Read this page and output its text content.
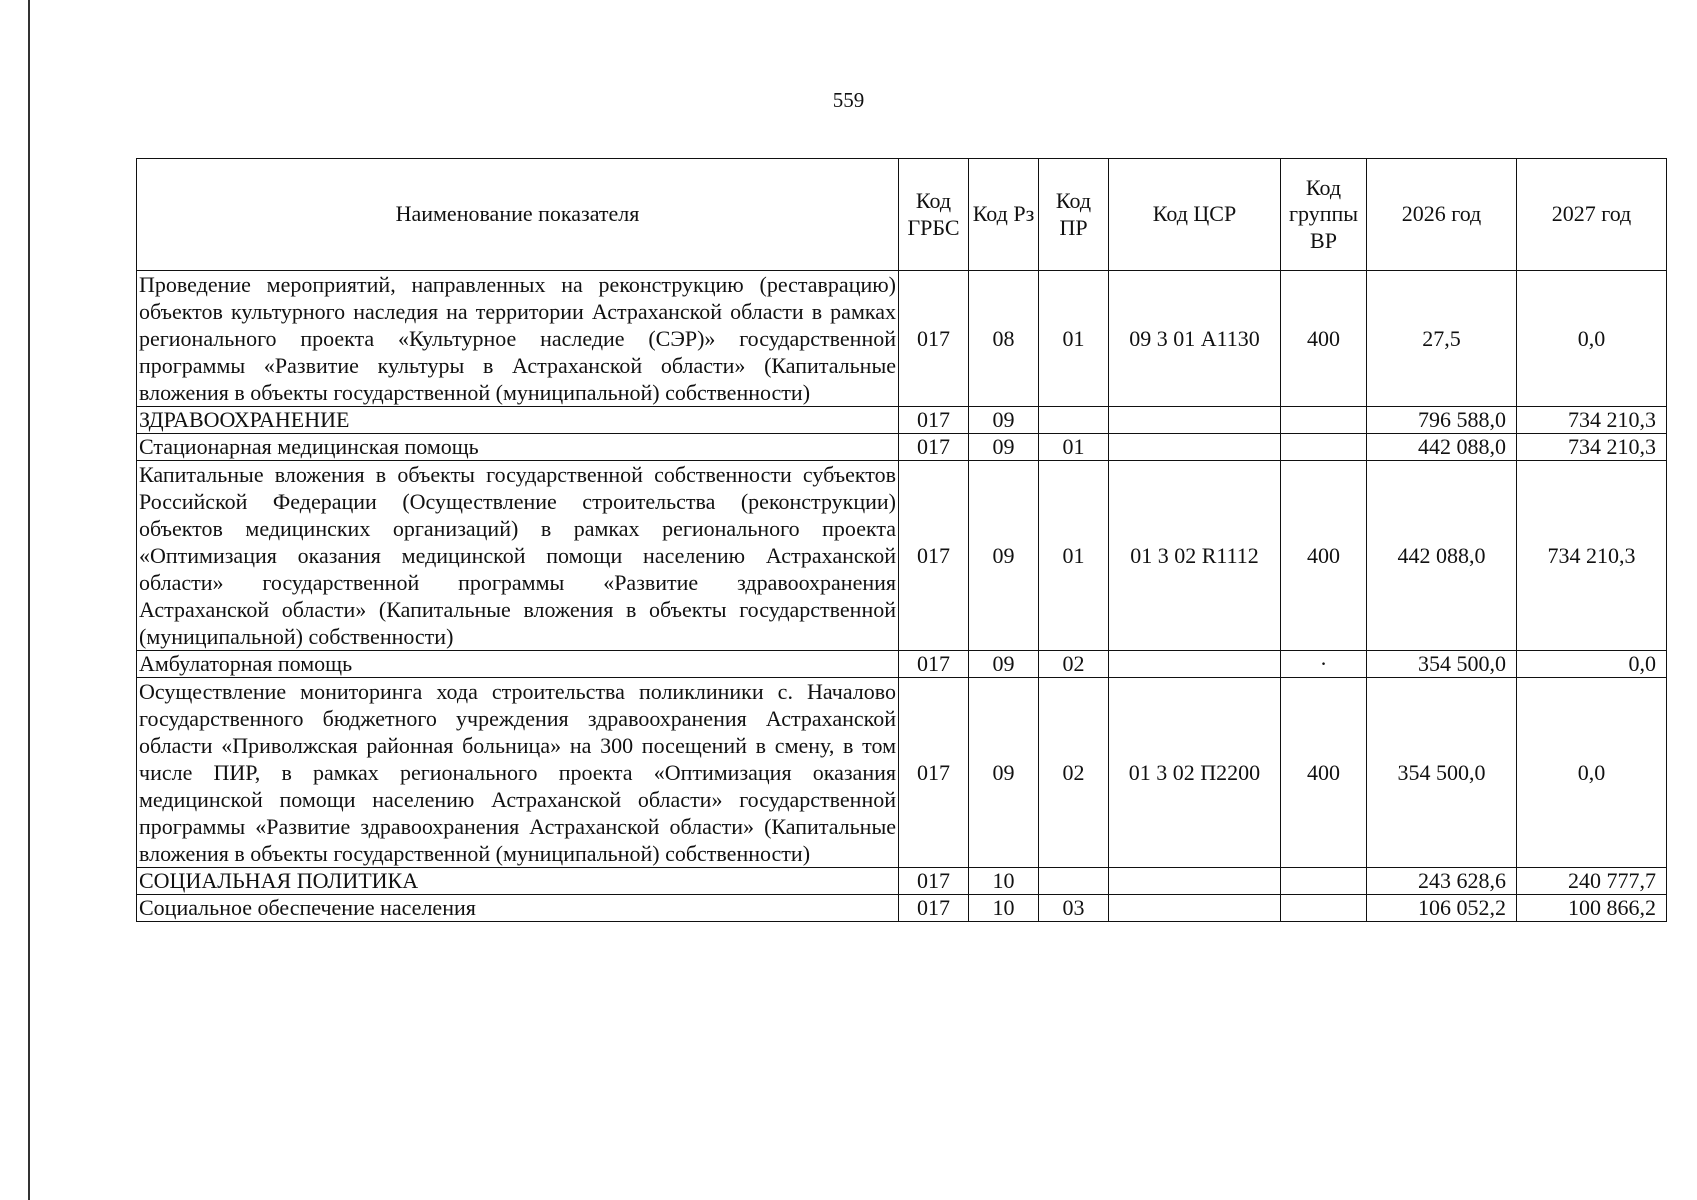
559
Наименование показателя	Код ГРБС	Код Рз	Код ПР	Код ЦСР	Код группы ВР	2026 год	2027 год
Проведение мероприятий, направленных на реконструкцию (реставрацию) объектов культурного наследия на территории Астраханской области в рамках регионального проекта «Культурное наследие (СЭР)» государственной программы «Развитие культуры в Астраханской области» (Капитальные вложения в объекты государственной (муниципальной) собственности)	017	08	01	09 3 01 А1130	400	27,5	0,0
ЗДРАВООХРАНЕНИЕ	017	09				796 588,0	734 210,3
Стационарная медицинская помощь	017	09	01			442 088,0	734 210,3
Капитальные вложения в объекты государственной собственности субъектов Российской Федерации (Осуществление строительства (реконструкции) объектов медицинских организаций) в рамках регионального проекта «Оптимизация оказания медицинской помощи населению Астраханской области» государственной программы «Развитие здравоохранения Астраханской области» (Капитальные вложения в объекты государственной (муниципальной) собственности)	017	09	01	01 3 02 R1112	400	442 088,0	734 210,3
Амбулаторная помощь	017	09	02		·	354 500,0	0,0
Осуществление мониторинга хода строительства поликлиники с. Началово государственного бюджетного учреждения здравоохранения Астраханской области «Приволжская районная больница» на 300 посещений в смену, в том числе ПИР, в рамках регионального проекта «Оптимизация оказания медицинской помощи населению Астраханской области» государственной программы «Развитие здравоохранения Астраханской области» (Капитальные вложения в объекты государственной (муниципальной) собственности)	017	09	02	01 3 02 П2200	400	354 500,0	0,0
СОЦИАЛЬНАЯ ПОЛИТИКА	017	10				243 628,6	240 777,7
Социальное обеспечение населения	017	10	03			106 052,2	100 866,2
